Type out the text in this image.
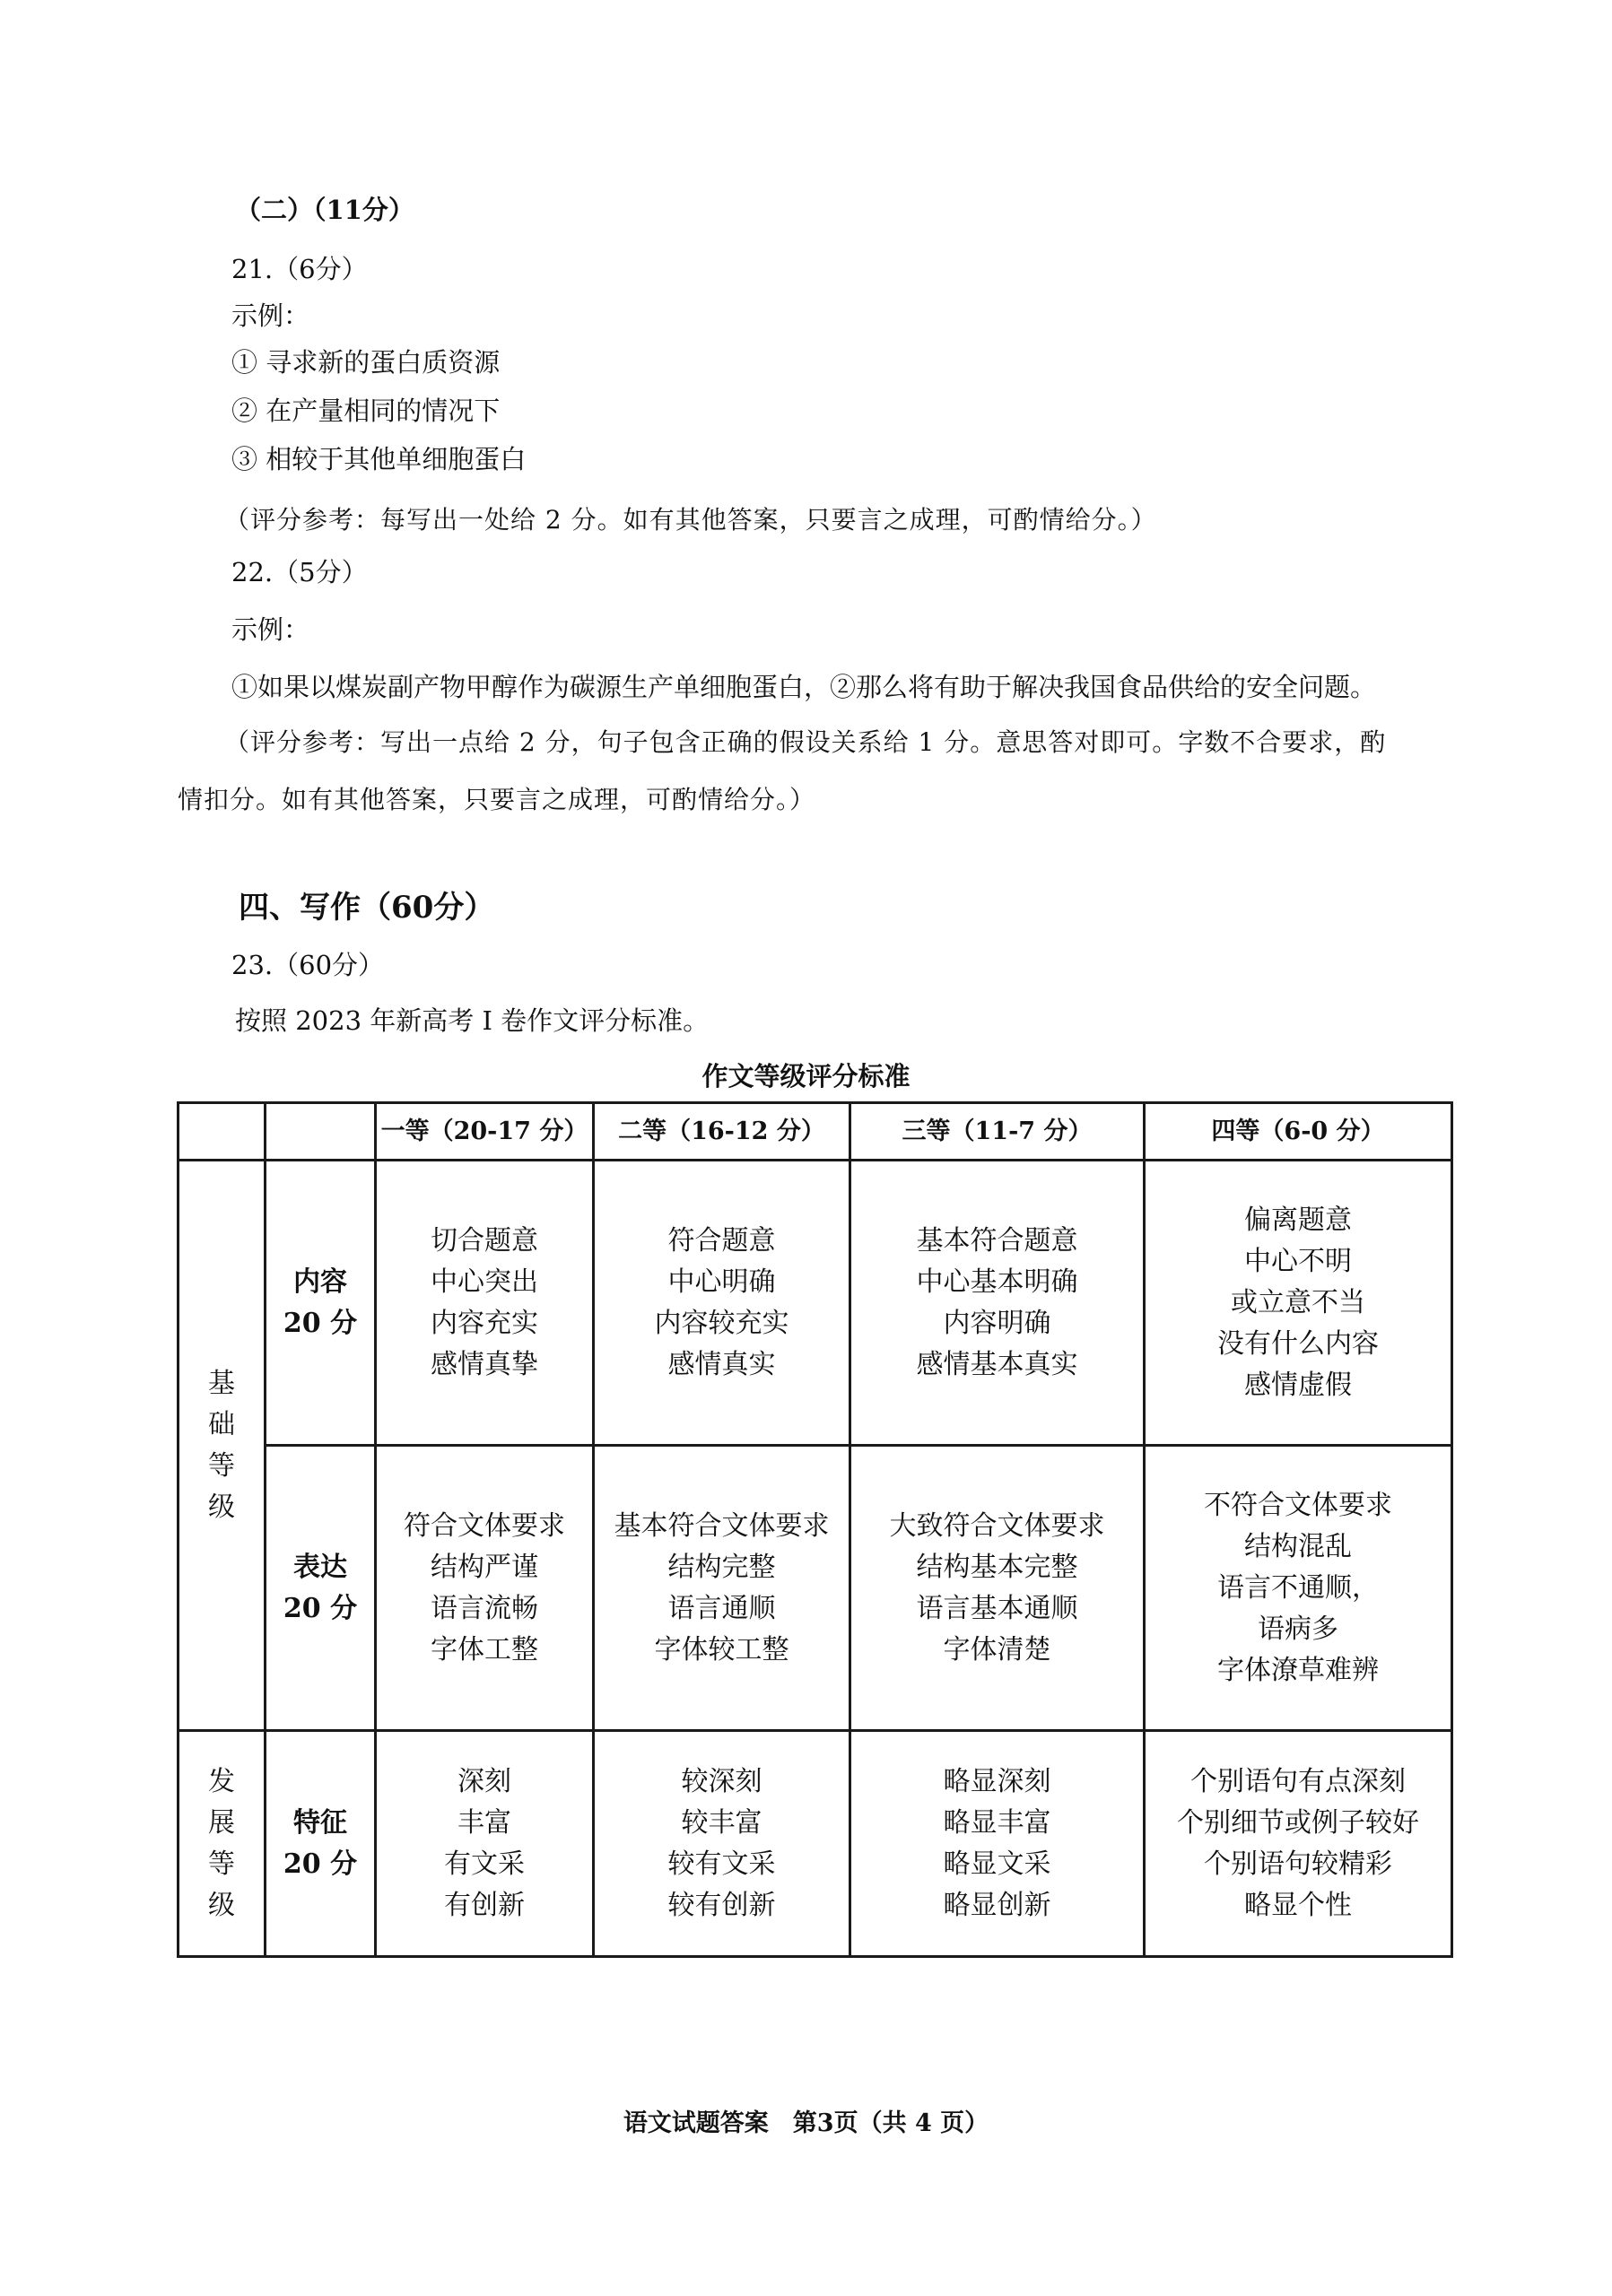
（二）（11分）
21.（6分）
示例：
① 寻求新的蛋白质资源
② 在产量相同的情况下
③ 相较于其他单细胞蛋白
（评分参考：每写出一处给 2 分。如有其他答案，只要言之成理，可酌情给分。）
22.（5分）
示例：
①如果以煤炭副产物甲醇作为碳源生产单细胞蛋白，②那么将有助于解决我国食品供给的安全问题。
（评分参考：写出一点给 2 分，句子包含正确的假设关系给 1 分。意思答对即可。字数不合要求，酌
情扣分。如有其他答案，只要言之成理，可酌情给分。）
四、写作（60分）
23.（60分）
按照 2023 年新高考 I 卷作文评分标准。
作文等级评分标准
		一等（20-17 分）	二等（16-12 分）	三等（11-7 分）	四等（6-0 分）

基
础
等
级	内容
20 分	切合题意
中心突出
内容充实
感情真挚	符合题意
中心明确
内容较充实
感情真实	基本符合题意
中心基本明确
内容明确
感情基本真实	偏离题意
中心不明
或立意不当
没有什么内容
感情虚假

	表达
20 分	符合文体要求
结构严谨
语言流畅
字体工整	基本符合文体要求
结构完整
语言通顺
字体较工整	大致符合文体要求
结构基本完整
语言基本通顺
字体清楚	不符合文体要求
结构混乱
语言不通顺，
语病多
字体潦草难辨

发
展
等
级	特征
20 分	深刻
丰富
有文采
有创新	较深刻
较丰富
较有文采
较有创新	略显深刻
略显丰富
略显文采
略显创新	个别语句有点深刻
个别细节或例子较好
个别语句较精彩
略显个性
语文试题答案　第3页（共 4 页）
